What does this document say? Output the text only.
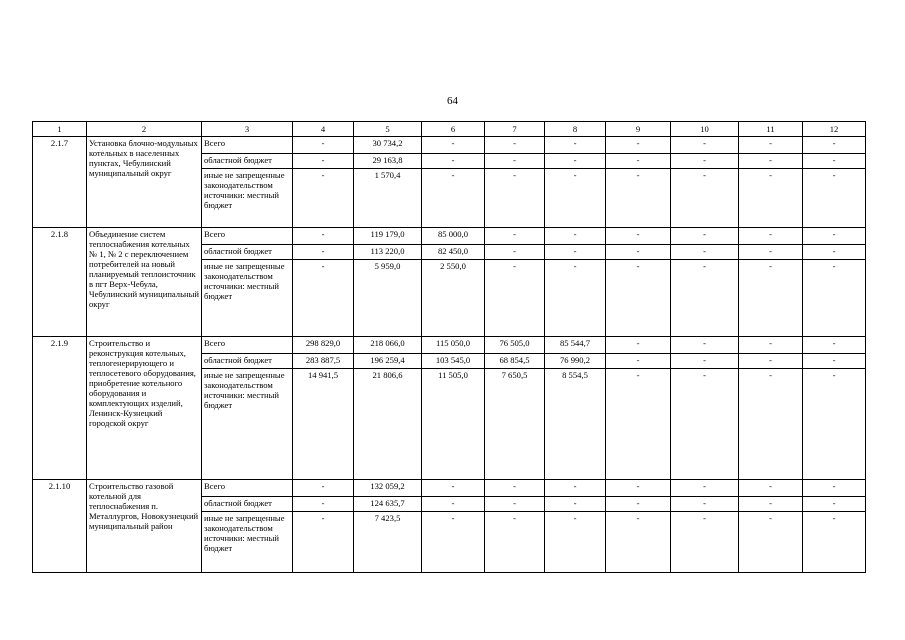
64
1	2	3	4	5	6	7	8	9	10	11	12
2.1.7	Установка блочно-модульных котельных в населенных пунктах, Чебулинский муниципальный округ	Всего	-	30 734,2	-	-	-	-	-	-	-
		областной бюджет	-	29 163,8	-	-	-	-	-	-	-
		иные не запрещенные законодательством источники: местный бюджет	-	1 570,4	-	-	-	-	-	-	-
2.1.8	Объединение систем теплоснабжения котельных № 1, № 2 с переключением потребителей на новый планируемый теплоисточник в пгт Верх-Чебула, Чебулинский муниципальный округ	Всего	-	119 179,0	85 000,0	-	-	-	-	-	-
		областной бюджет	-	113 220,0	82 450,0	-	-	-	-	-	-
		иные не запрещенные законодательством источники: местный бюджет	-	5 959,0	2 550,0	-	-	-	-	-	-
2.1.9	Строительство и реконструкция котельных, теплогенерирующего и теплосетевого оборудования, приобретение котельного оборудования и комплектующих изделий, Ленинск-Кузнецкий городской округ	Всего	298 829,0	218 066,0	115 050,0	76 505,0	85 544,7	-	-	-	-
		областной бюджет	283 887,5	196 259,4	103 545,0	68 854,5	76 990,2	-	-	-	-
		иные не запрещенные законодательством источники: местный бюджет	14 941,5	21 806,6	11 505,0	7 650,5	8 554,5	-	-	-	-
2.1.10	Строительство газовой котельной для теплоснабжения п. Металлургов, Новокузнецкий муниципальный район	Всего	-	132 059,2	-	-	-	-	-	-	-
		областной бюджет	-	124 635,7	-	-	-	-	-	-	-
		иные не запрещенные законодательством источники: местный бюджет	-	7 423,5	-	-	-	-	-	-	-
